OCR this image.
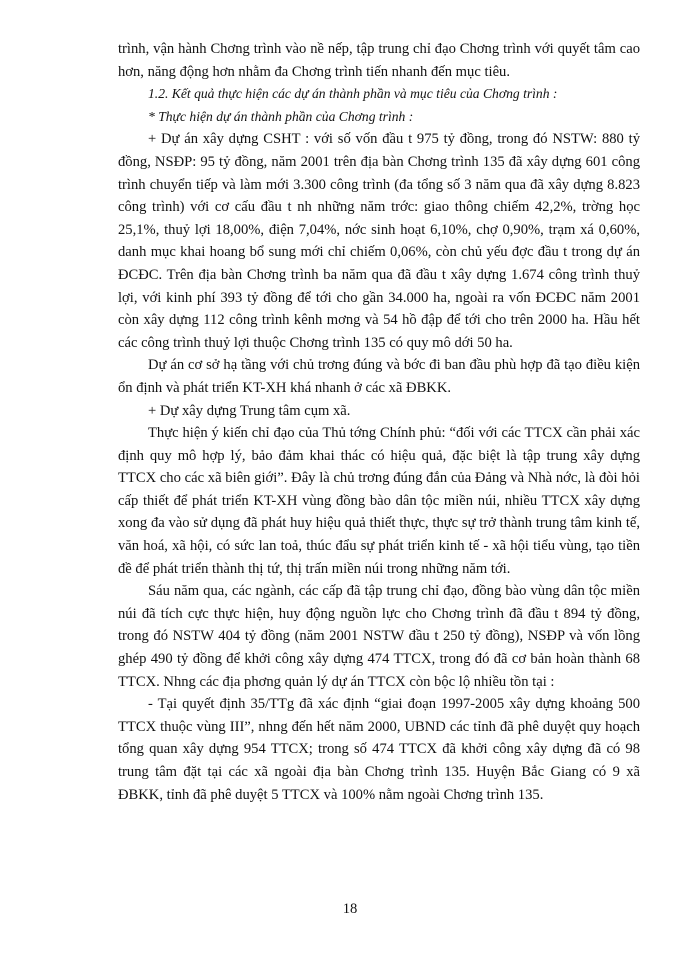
trình, vận hành Chơng trình vào nề nếp, tập trung chỉ đạo Chơng trình với quyết tâm cao hơn, năng động hơn nhằm đa Chơng trình tiến nhanh đến mục tiêu.

1.2. Kết quả thực hiện các dự án thành phần và mục tiêu của Chơng trình :

* Thực hiện dự án thành phần của Chơng trình :

+ Dự án xây dựng CSHT : với số vốn đầu t 975 tỷ đồng, trong đó NSTW: 880 tỷ đồng, NSĐP: 95 tỷ đồng, năm 2001 trên địa bàn Chơng trình 135 đã xây dựng 601 công trình chuyển tiếp và làm mới 3.300 công trình (đa tổng số 3 năm qua đã xây dựng 8.823 công trình) với cơ cấu đầu t nh những năm trớc: giao thông chiếm 42,2%, trờng học 25,1%, thuỷ lợi 18,00%, điện 7,04%, nớc sinh hoạt 6,10%, chợ 0,90%, trạm xá 0,60%, danh mục khai hoang bổ sung mới chỉ chiếm 0,06%, còn chủ yếu đợc đầu t trong dự án ĐCĐC. Trên địa bàn Chơng trình ba năm qua đã đầu t xây dựng 1.674 công trình thuỷ lợi, với kinh phí 393 tỷ đồng để tới cho gần 34.000 ha, ngoài ra vốn ĐCĐC năm 2001 còn xây dựng 112 công trình kênh mơng và 54 hồ đập để tới cho trên 2000 ha. Hầu hết các công trình thuỷ lợi thuộc Chơng trình 135 có quy mô dới 50 ha.

Dự án cơ sở hạ tầng với chủ trơng đúng và bớc đi ban đầu phù hợp đã tạo điều kiện ổn định và phát triển KT-XH khá nhanh ở các xã ĐBKK.

+ Dự xây dựng Trung tâm cụm xã.

Thực hiện ý kiến chỉ đạo của Thủ tớng Chính phủ: “đối với các TTCX cần phải xác định quy mô hợp lý, bảo đảm khai thác có hiệu quả, đặc biệt là tập trung xây dựng TTCX cho các xã biên giới”. Đây là chủ trơng đúng đắn của Đảng và Nhà nớc, là đòi hỏi cấp thiết để phát triển KT-XH vùng đồng bào dân tộc miền núi, nhiều TTCX xây dựng xong đa vào sử dụng đã phát huy hiệu quả thiết thực, thực sự trở thành trung tâm kinh tế, văn hoá, xã hội, có sức lan toả, thúc đẩu sự phát triển kinh tế - xã hội tiểu vùng, tạo tiền đề để phát triển thành thị tứ, thị trấn miền núi trong những năm tới.

Sáu năm qua, các ngành, các cấp đã tập trung chỉ đạo, đồng bào vùng dân tộc miền núi đã tích cực thực hiện, huy động nguồn lực cho Chơng trình đã đầu t 894 tỷ đồng, trong đó NSTW 404 tỷ đồng (năm 2001 NSTW đầu t 250 tỷ đồng), NSĐP và vốn lồng ghép 490 tỷ đồng để khởi công xây dựng 474 TTCX, trong đó đã cơ bản hoàn thành 68 TTCX. Nhng các địa phơng quản lý dự án TTCX còn bộc lộ nhiều tồn tại :

- Tại quyết định 35/TTg đã xác định “giai đoạn 1997-2005 xây dựng khoảng 500 TTCX thuộc vùng III”, nhng đến hết năm 2000, UBND các tỉnh đã phê duyệt quy hoạch tổng quan xây dựng 954 TTCX; trong số 474 TTCX đã khởi công xây dựng đã có 98 trung tâm đặt tại các xã ngoài địa bàn Chơng trình 135. Huyện Bắc Giang có 9 xã ĐBKK, tỉnh đã phê duyệt 5 TTCX và 100% nằm ngoài Chơng trình 135.

18
